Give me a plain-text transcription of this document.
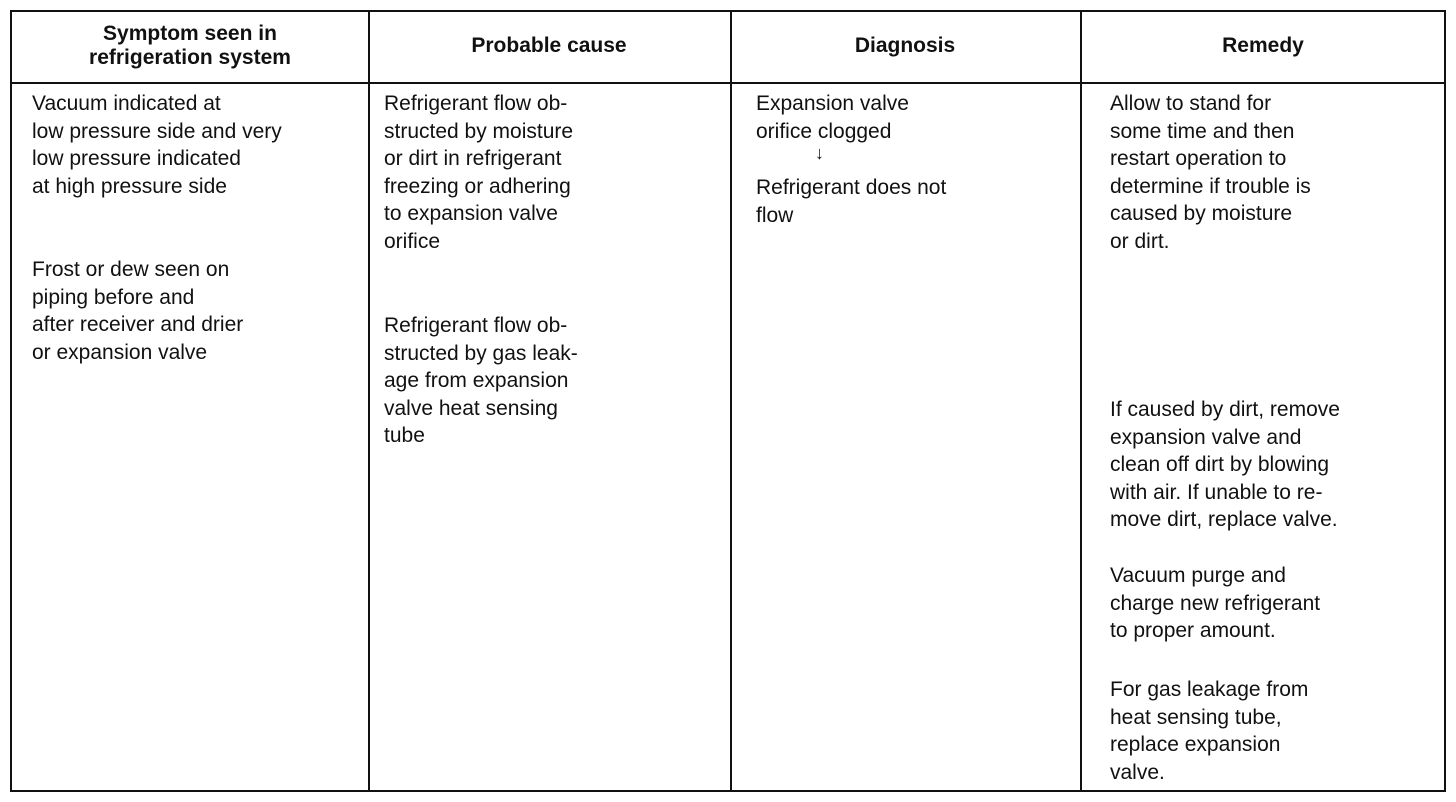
Symptom seen in
refrigeration system
Probable cause	Diagnosis	Remedy
Vacuum indicated at
low pressure side and very
low pressure indicated
at high pressure side
Frost or dew seen on
piping before and
after receiver and drier
or expansion valve
Refrigerant flow ob-
structed by moisture
or dirt in refrigerant
freezing or adhering
to expansion valve
orifice
Refrigerant flow ob-
structed by gas leak-
age from expansion
valve heat sensing
tube
Expansion valve
orifice clogged
↓
Refrigerant does not
flow
Allow to stand for
some time and then
restart operation to
determine if trouble is
caused by moisture
or dirt.
If caused by dirt, remove
expansion valve and
clean off dirt by blowing
with air. If unable to re-
move dirt, replace valve.
Vacuum purge and
charge new refrigerant
to proper amount.
For gas leakage from
heat sensing tube,
replace expansion
valve.
